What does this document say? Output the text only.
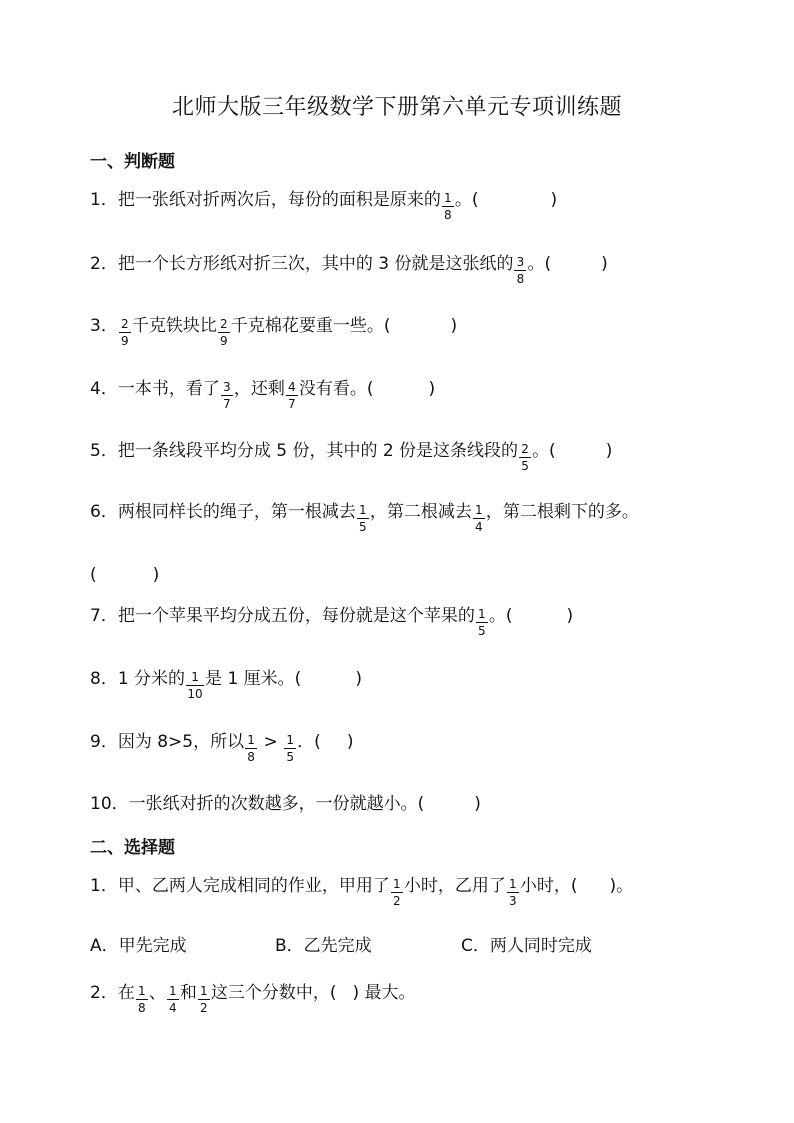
北师大版三年级数学下册第六单元专项训练题
一、判断题
1．把一张纸对折两次后，每份的面积是原来的 $\frac{1}{8}$ 。(	)
2．把一个长方形纸对折三次，其中的 3 份就是这张纸的 $\frac{3}{8}$ 。(	)
3． $\frac{2}{9}$ 千克铁块比 $\frac{2}{9}$ 千克棉花要重一些。(	)
4．一本书，看了 $\frac{3}{7}$ ，还剩 $\frac{4}{7}$ 没有看。(	)
5．把一条线段平均分成 5 份，其中的 2 份是这条线段的 $\frac{2}{5}$ 。(	)
6．两根同样长的绳子，第一根减去 $\frac{1}{5}$ ，第二根减去 $\frac{1}{4}$ ，第二根剩下的多。
(	)
7．把一个苹果平均分成五份，每份就是这个苹果的 $\frac{1}{5}$ 。(	)
8．1 分米的 $\frac{1}{10}$ 是 1 厘米。(	)
9．因为 8>5，所以 $\frac{1}{8} > \frac{1}{5}$ ．( )
10．一张纸对折的次数越多，一份就越小。(	)
二、选择题
1．甲、乙两人完成相同的作业，甲用了 $\frac{1}{2}$ 小时，乙用了 $\frac{1}{3}$ 小时，( )。
A．甲先完成	B．乙先完成	C．两人同时完成
2．在 $\frac{1}{8}$ 、 $\frac{1}{4}$ 和 $\frac{1}{2}$ 这三个分数中，( ) 最大。
